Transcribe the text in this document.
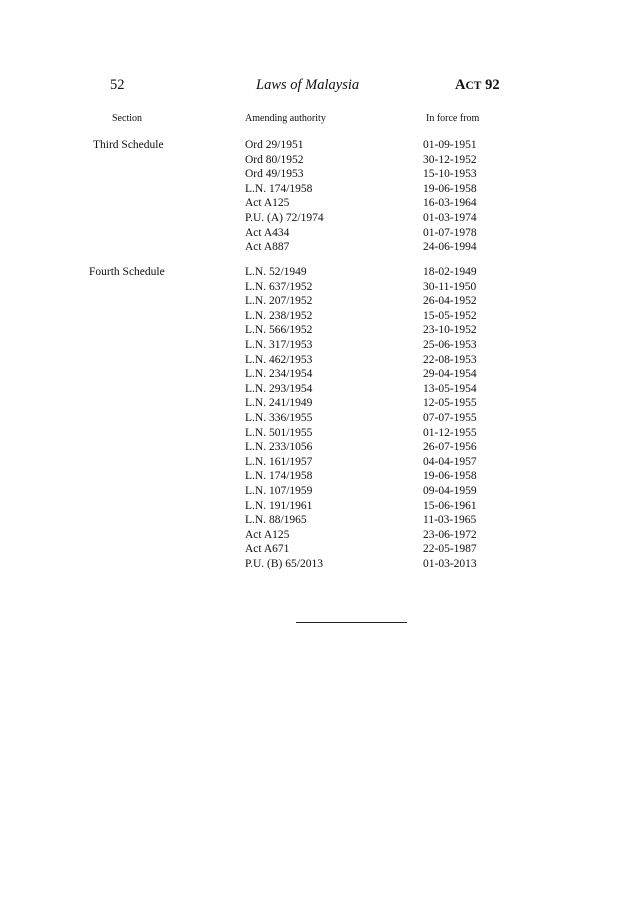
52	Laws of Malaysia	ACT 92
Section	Amending authority	In force from
Third Schedule	Ord 29/1951	01-09-1951
Ord 80/1952	30-12-1952
Ord 49/1953	15-10-1953
L.N. 174/1958	19-06-1958
Act A125	16-03-1964
P.U. (A) 72/1974	01-03-1974
Act A434	01-07-1978
Act A887	24-06-1994
Fourth Schedule	L.N. 52/1949	18-02-1949
L.N. 637/1952	30-11-1950
L.N. 207/1952	26-04-1952
L.N. 238/1952	15-05-1952
L.N. 566/1952	23-10-1952
L.N. 317/1953	25-06-1953
L.N. 462/1953	22-08-1953
L.N. 234/1954	29-04-1954
L.N. 293/1954	13-05-1954
L.N. 241/1949	12-05-1955
L.N. 336/1955	07-07-1955
L.N. 501/1955	01-12-1955
L.N. 233/1056	26-07-1956
L.N. 161/1957	04-04-1957
L.N. 174/1958	19-06-1958
L.N. 107/1959	09-04-1959
L.N. 191/1961	15-06-1961
L.N. 88/1965	11-03-1965
Act A125	23-06-1972
Act A671	22-05-1987
P.U. (B) 65/2013	01-03-2013
